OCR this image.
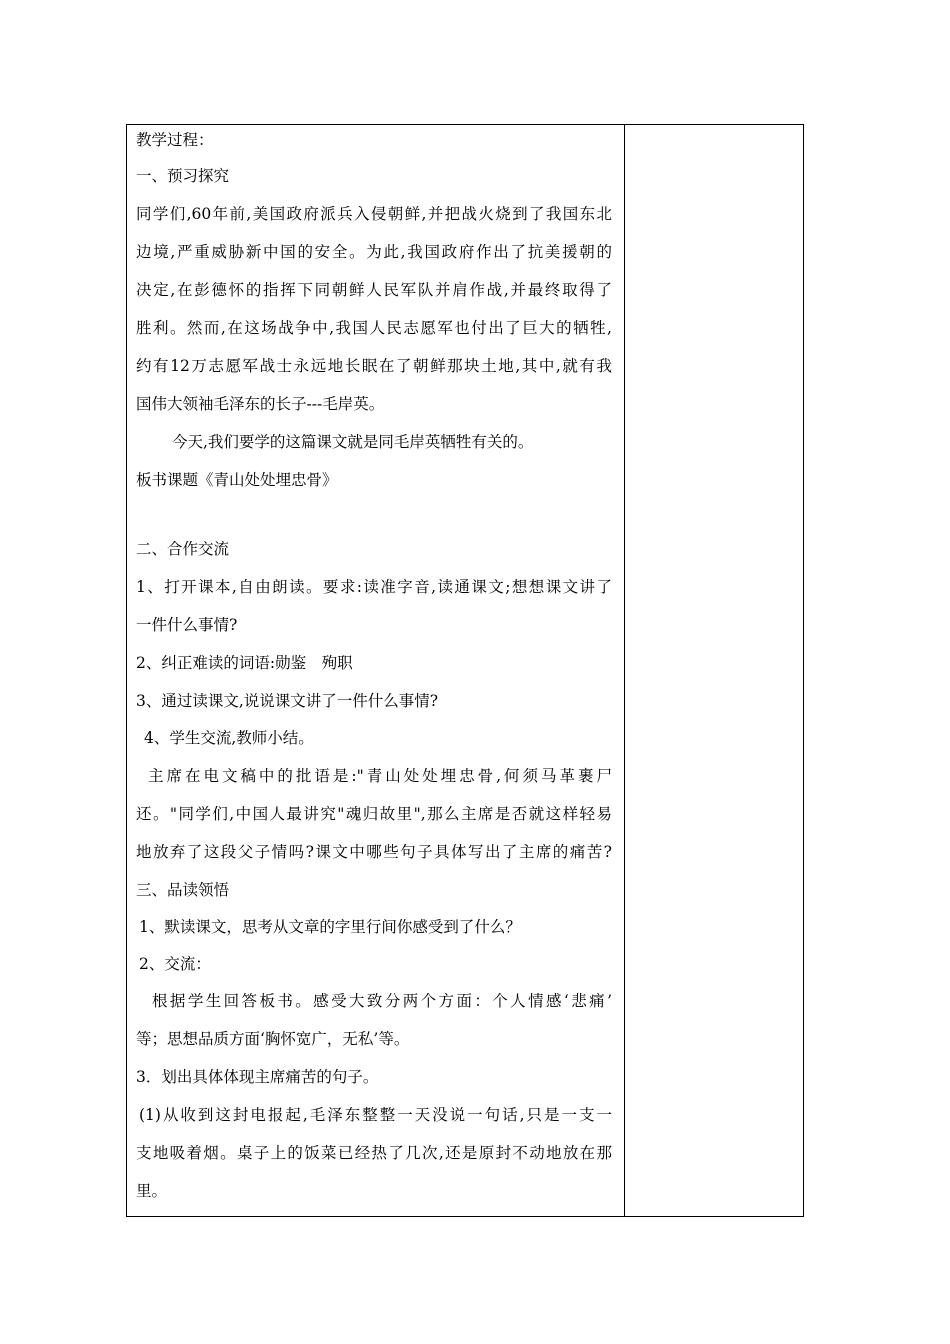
教学过程：
一、预习探究
同学们,60年前,美国政府派兵入侵朝鲜,并把战火烧到了我国东北
边境,严重威胁新中国的安全。为此,我国政府作出了抗美援朝的
决定,在彭德怀的指挥下同朝鲜人民军队并肩作战,并最终取得了
胜利。然而,在这场战争中,我国人民志愿军也付出了巨大的牺牲,
约有12万志愿军战士永远地长眠在了朝鲜那块土地,其中,就有我
国伟大领袖毛泽东的长子---毛岸英。
今天,我们要学的这篇课文就是同毛岸英牺牲有关的。
板书课题《青山处处埋忠骨》
二、合作交流
1、打开课本,自由朗读。要求:读准字音,读通课文;想想课文讲了
一件什么事情?
2、纠正难读的词语:勋鉴　殉职
3、通过读课文,说说课文讲了一件什么事情?
4、学生交流,教师小结。
主席在电文稿中的批语是:"青山处处埋忠骨,何须马革裹尸
还。"同学们,中国人最讲究"魂归故里",那么主席是否就这样轻易
地放弃了这段父子情吗?课文中哪些句子具体写出了主席的痛苦?
三、品读领悟
1、默读课文，思考从文章的字里行间你感受到了什么？
2、交流：
根据学生回答板书。感受大致分两个方面：个人情感‘悲痛’
等；思想品质方面‘胸怀宽广，无私’等。
3．划出具体体现主席痛苦的句子。
(1)从收到这封电报起,毛泽东整整一天没说一句话,只是一支一
支地吸着烟。桌子上的饭菜已经热了几次,还是原封不动地放在那
里。
